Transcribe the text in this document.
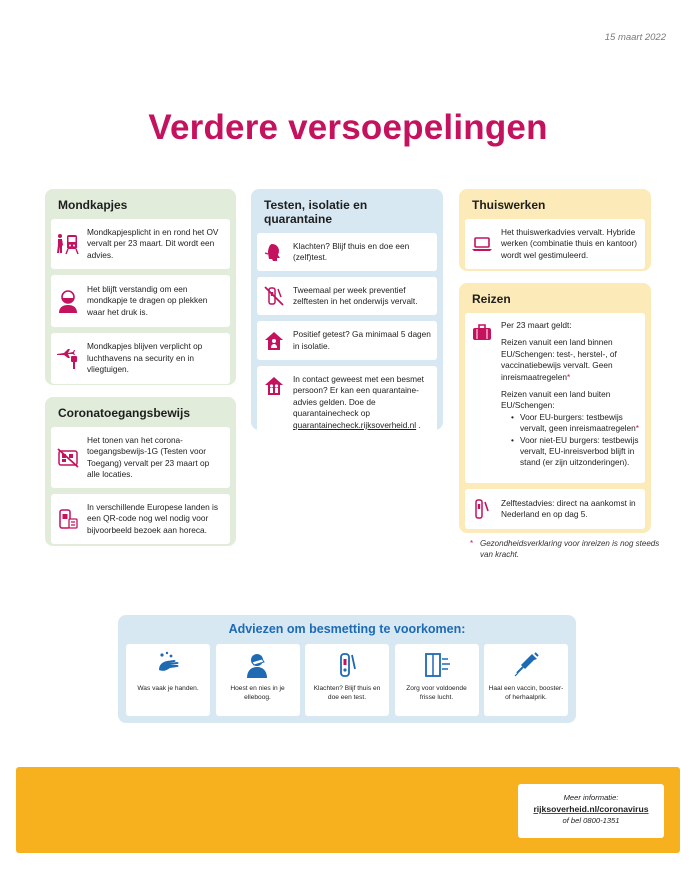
15 maart 2022
Verdere versoepelingen
Mondkapjes
Mondkapjesplicht in en rond het OV vervalt per 23 maart. Dit wordt een advies.
Het blijft verstandig om een mondkapje te dragen op plekken waar het druk is.
Mondkapjes blijven verplicht op luchthavens na security en in vliegtuigen.
Coronatoegangsbewijs
Het tonen van het corona-toegangsbewijs-1G (Testen voor Toegang) vervalt per 23 maart op alle locaties.
In verschillende Europese landen is een QR-code nog wel nodig voor bijvoorbeeld bezoek aan horeca.
Testen, isolatie en quarantaine
Klachten? Blijf thuis en doe een (zelf)test.
Tweemaal per week preventief zelftesten in het onderwijs vervalt.
Positief getest? Ga minimaal 5 dagen in isolatie.
In contact geweest met een besmet persoon? Er kan een quarantaine-advies gelden. Doe de quarantainecheck op quarantainecheck.rijksoverheid.nl .
Thuiswerken
Het thuiswerkadvies vervalt. Hybride werken (combinatie thuis en kantoor) wordt wel gestimuleerd.
Reizen

Per 23 maart geldt:

Reizen vanuit een land binnen EU/Schengen: test-, herstel-, of vaccinatiebewijs vervalt. Geen inreismaatregelen*

Reizen vanuit een land buiten EU/Schengen:

• Voor EU-burgers: testbewijs vervalt, geen inreismaatregelen*
• Voor niet-EU burgers: testbewijs vervalt, EU-inreisverbod blijft in stand (er zijn uitzonderingen).
Zelftestadvies: direct na aankomst in Nederland en op dag 5.
* Gezondheidsverklaring voor inreizen is nog steeds van kracht.
Adviezen om besmetting te voorkomen:
Was vaak je handen.	Hoest en nies in je elleboog.
Klachten? Blijf thuis en doe een test.
Zorg voor voldoende frisse lucht.
Haal een vaccin, booster- of herhaalprik.
Meer informatie:
rijksoverheid.nl/coronavirus
of bel 0800-1351
